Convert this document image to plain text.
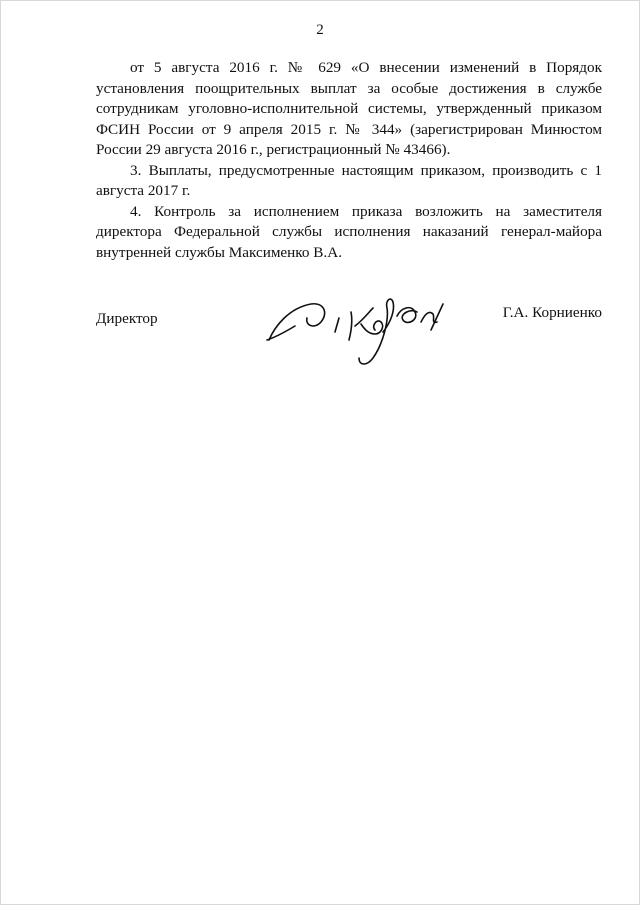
2

от 5 августа 2016 г. № 629 «О внесении изменений в Порядок установления поощрительных выплат за особые достижения в службе сотрудникам уголовно-исполнительной системы, утвержденный приказом ФСИН России от 9 апреля 2015 г. № 344» (зарегистрирован Минюстом России 29 августа 2016 г., регистрационный № 43466).

3. Выплаты, предусмотренные настоящим приказом, производить с 1 августа 2017 г.

4. Контроль за исполнением приказа возложить на заместителя директора Федеральной службы исполнения наказаний генерал-майора внутренней службы Максименко В.А.

Директор	Г.А. Корниенко
